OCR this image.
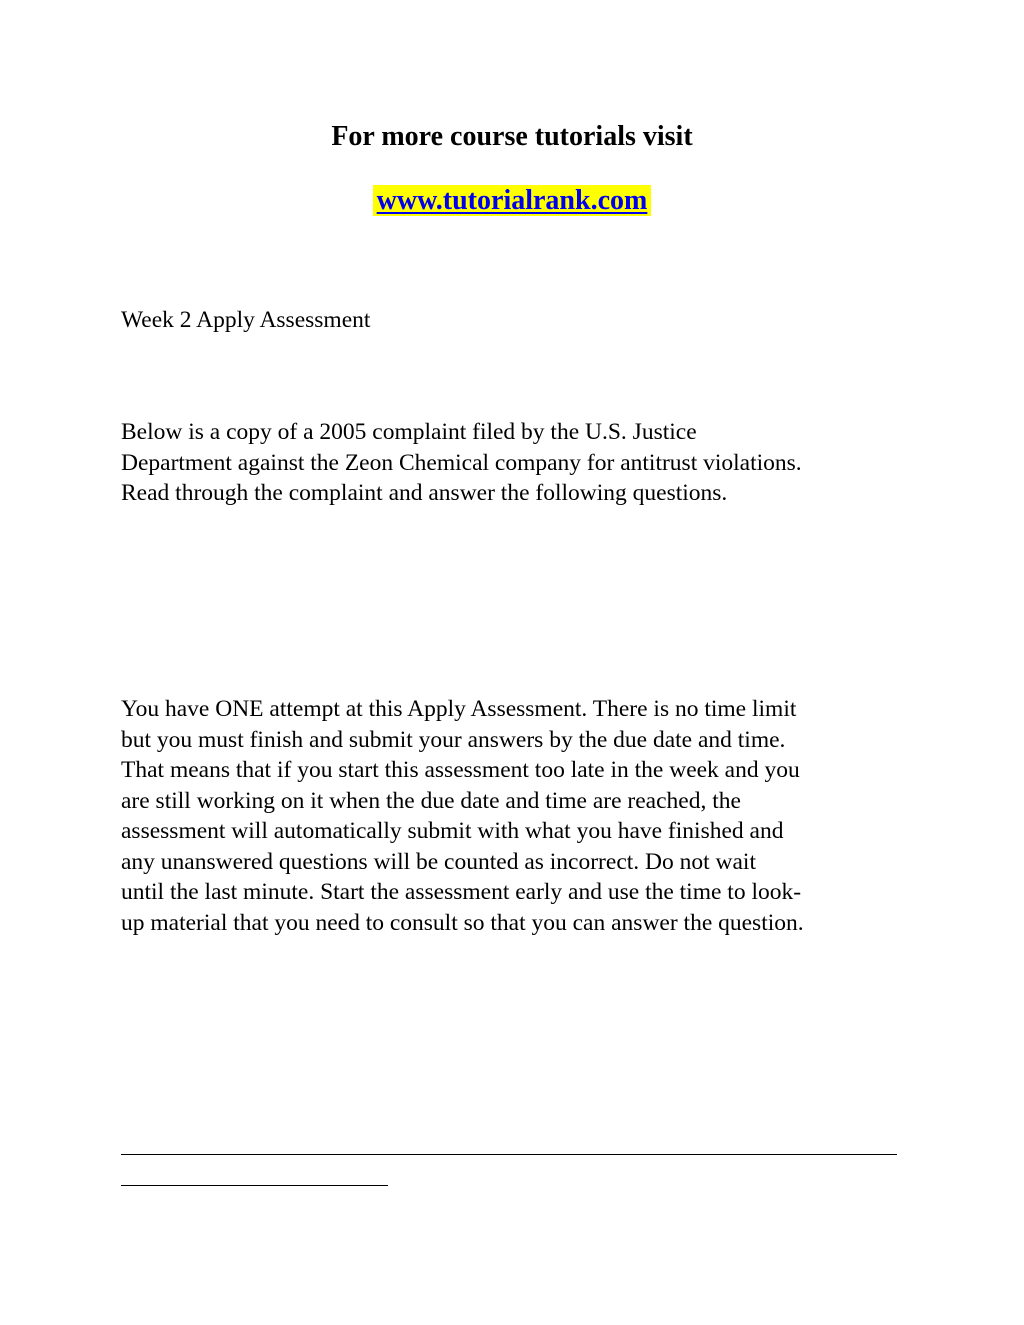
For more course tutorials visit
www.tutorialrank.com

Week 2 Apply Assessment

Below is a copy of a 2005 complaint filed by the U.S. Justice
Department against the Zeon Chemical company for antitrust violations.
Read through the complaint and answer the following questions.
You have ONE attempt at this Apply Assessment. There is no time limit
but you must finish and submit your answers by the due date and time.
That means that if you start this assessment too late in the week and you
are still working on it when the due date and time are reached, the
assessment will automatically submit with what you have finished and
any unanswered questions will be counted as incorrect. Do not wait
until the last minute. Start the assessment early and use the time to look-
up material that you need to consult so that you can answer the question.
